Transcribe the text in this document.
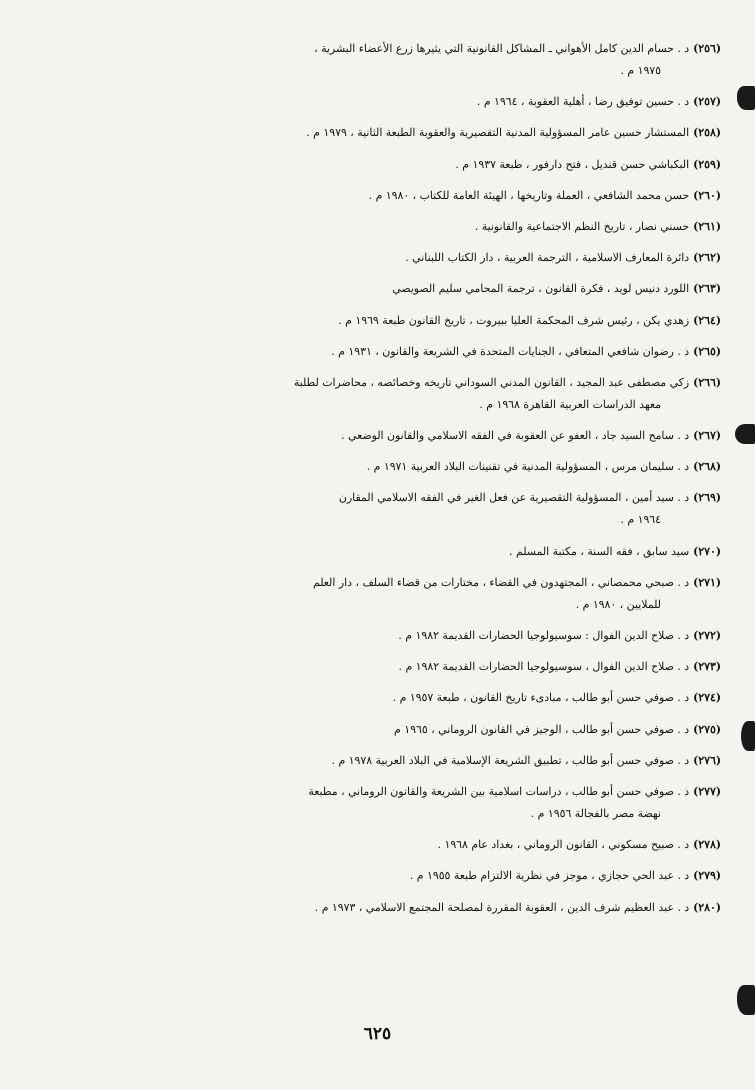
(٢٥٦)د . حسام الدين كامل الأهواني ـ المشاكل القانونية التي يثيرها زرع الأعضاء البشرية ،
١٩٧٥ م .
(٢٥٧)د . حسين توفيق رضا ، أهلية العقوبة ، ١٩٦٤ م .
(٢٥٨)المستشار حسين عامر المسؤولية المدنية التقصيرية والعقوبة الطبعة الثانية ، ١٩٧٩ م .
(٢٥٩)البكباشي حسن قنديل ، فتح دارفور ، طبعة ١٩٣٧ م .
(٢٦٠)حسن محمد الشافعي ، العملة وتاريخها ، الهيئة العامة للكتاب ، ١٩٨٠ م .
(٢٦١)حسني نصار ، تاريخ النظم الاجتماعية والقانونية .
(٢٦٢)دائرة المعارف الاسلامية ، الترجمة العربية ، دار الكتاب اللبناني .
(٢٦٣)اللورد دنيس لويد ، فكرة القانون ، ترجمة المحامي سليم الصويصي
(٢٦٤)زهدي يكن ، رئيس شرف المحكمة العليا ببيروت ، تاريخ القانون طبعة ١٩٦٩ م .
(٢٦٥)د . رضوان شافعي المتعافي ، الجنايات المتحدة في الشريعة والقانون ، ١٩٣١ م .
(٢٦٦)زكي مصطفى عبد المجيد ، القانون المدني السوداني تاريخه وخصائصه ، محاضرات لطلبة
معهد الدراسات العربية القاهرة ١٩٦٨ م .
(٢٦٧)د . سامح السيد جاد ، العفو عن العقوبة في الفقه الاسلامي والقانون الوضعي .
(٢٦٨)د . سليمان مرس ، المسؤولية المدنية في تقنينات البلاد العربية ١٩٧١ م .
(٢٦٩)د . سيد أمين ، المسؤولية التقصيرية عن فعل الغير في الفقه الاسلامي المقارن
١٩٦٤ م .
(٢٧٠)سيد سابق ، فقه السنة ، مكتبة المسلم .
(٢٧١)د . صبحي محمصاني ، المجتهدون في القضاء ، مختارات من قضاء السلف ، دار العلم
للملايين ، ١٩٨٠ م .
(٢٧٢)د . صلاح الدين الفوال : سوسيولوجيا الحضارات القديمة ١٩٨٢ م .
(٢٧٣)د . صلاح الدين الفوال ، سوسيولوجيا الحضارات القديمة ١٩٨٢ م .
(٢٧٤)د . صوفي حسن أبو طالب ، مبادىء تاريخ القانون ، طبعة ١٩٥٧ م .
(٢٧٥)د . صوفي حسن أبو طالب ، الوجيز في القانون الروماني ، ١٩٦٥ م
(٢٧٦)د . صوفي حسن أبو طالب ، تطبيق الشريعة الإسلامية في البلاد العربية ١٩٧٨ م .
(٢٧٧)د . صوفي حسن أبو طالب ، دراسات اسلامية بين الشريعة والقانون الروماني ، مطبعة
نهضة مصر بالفجالة ١٩٥٦ م .
(٢٧٨)د . صبيح مسكوني ، القانون الروماني ، بغداد عام ١٩٦٨ .
(٢٧٩)د . عبد الحي حجازي ، موجز في نظرية الالتزام طبعة ١٩٥٥ م .
(٢٨٠)د . عبد العظيم شرف الدين ، العقوبة المقررة لمصلحة المجتمع الاسلامي ، ١٩٧٣ م .
٦٢٥
